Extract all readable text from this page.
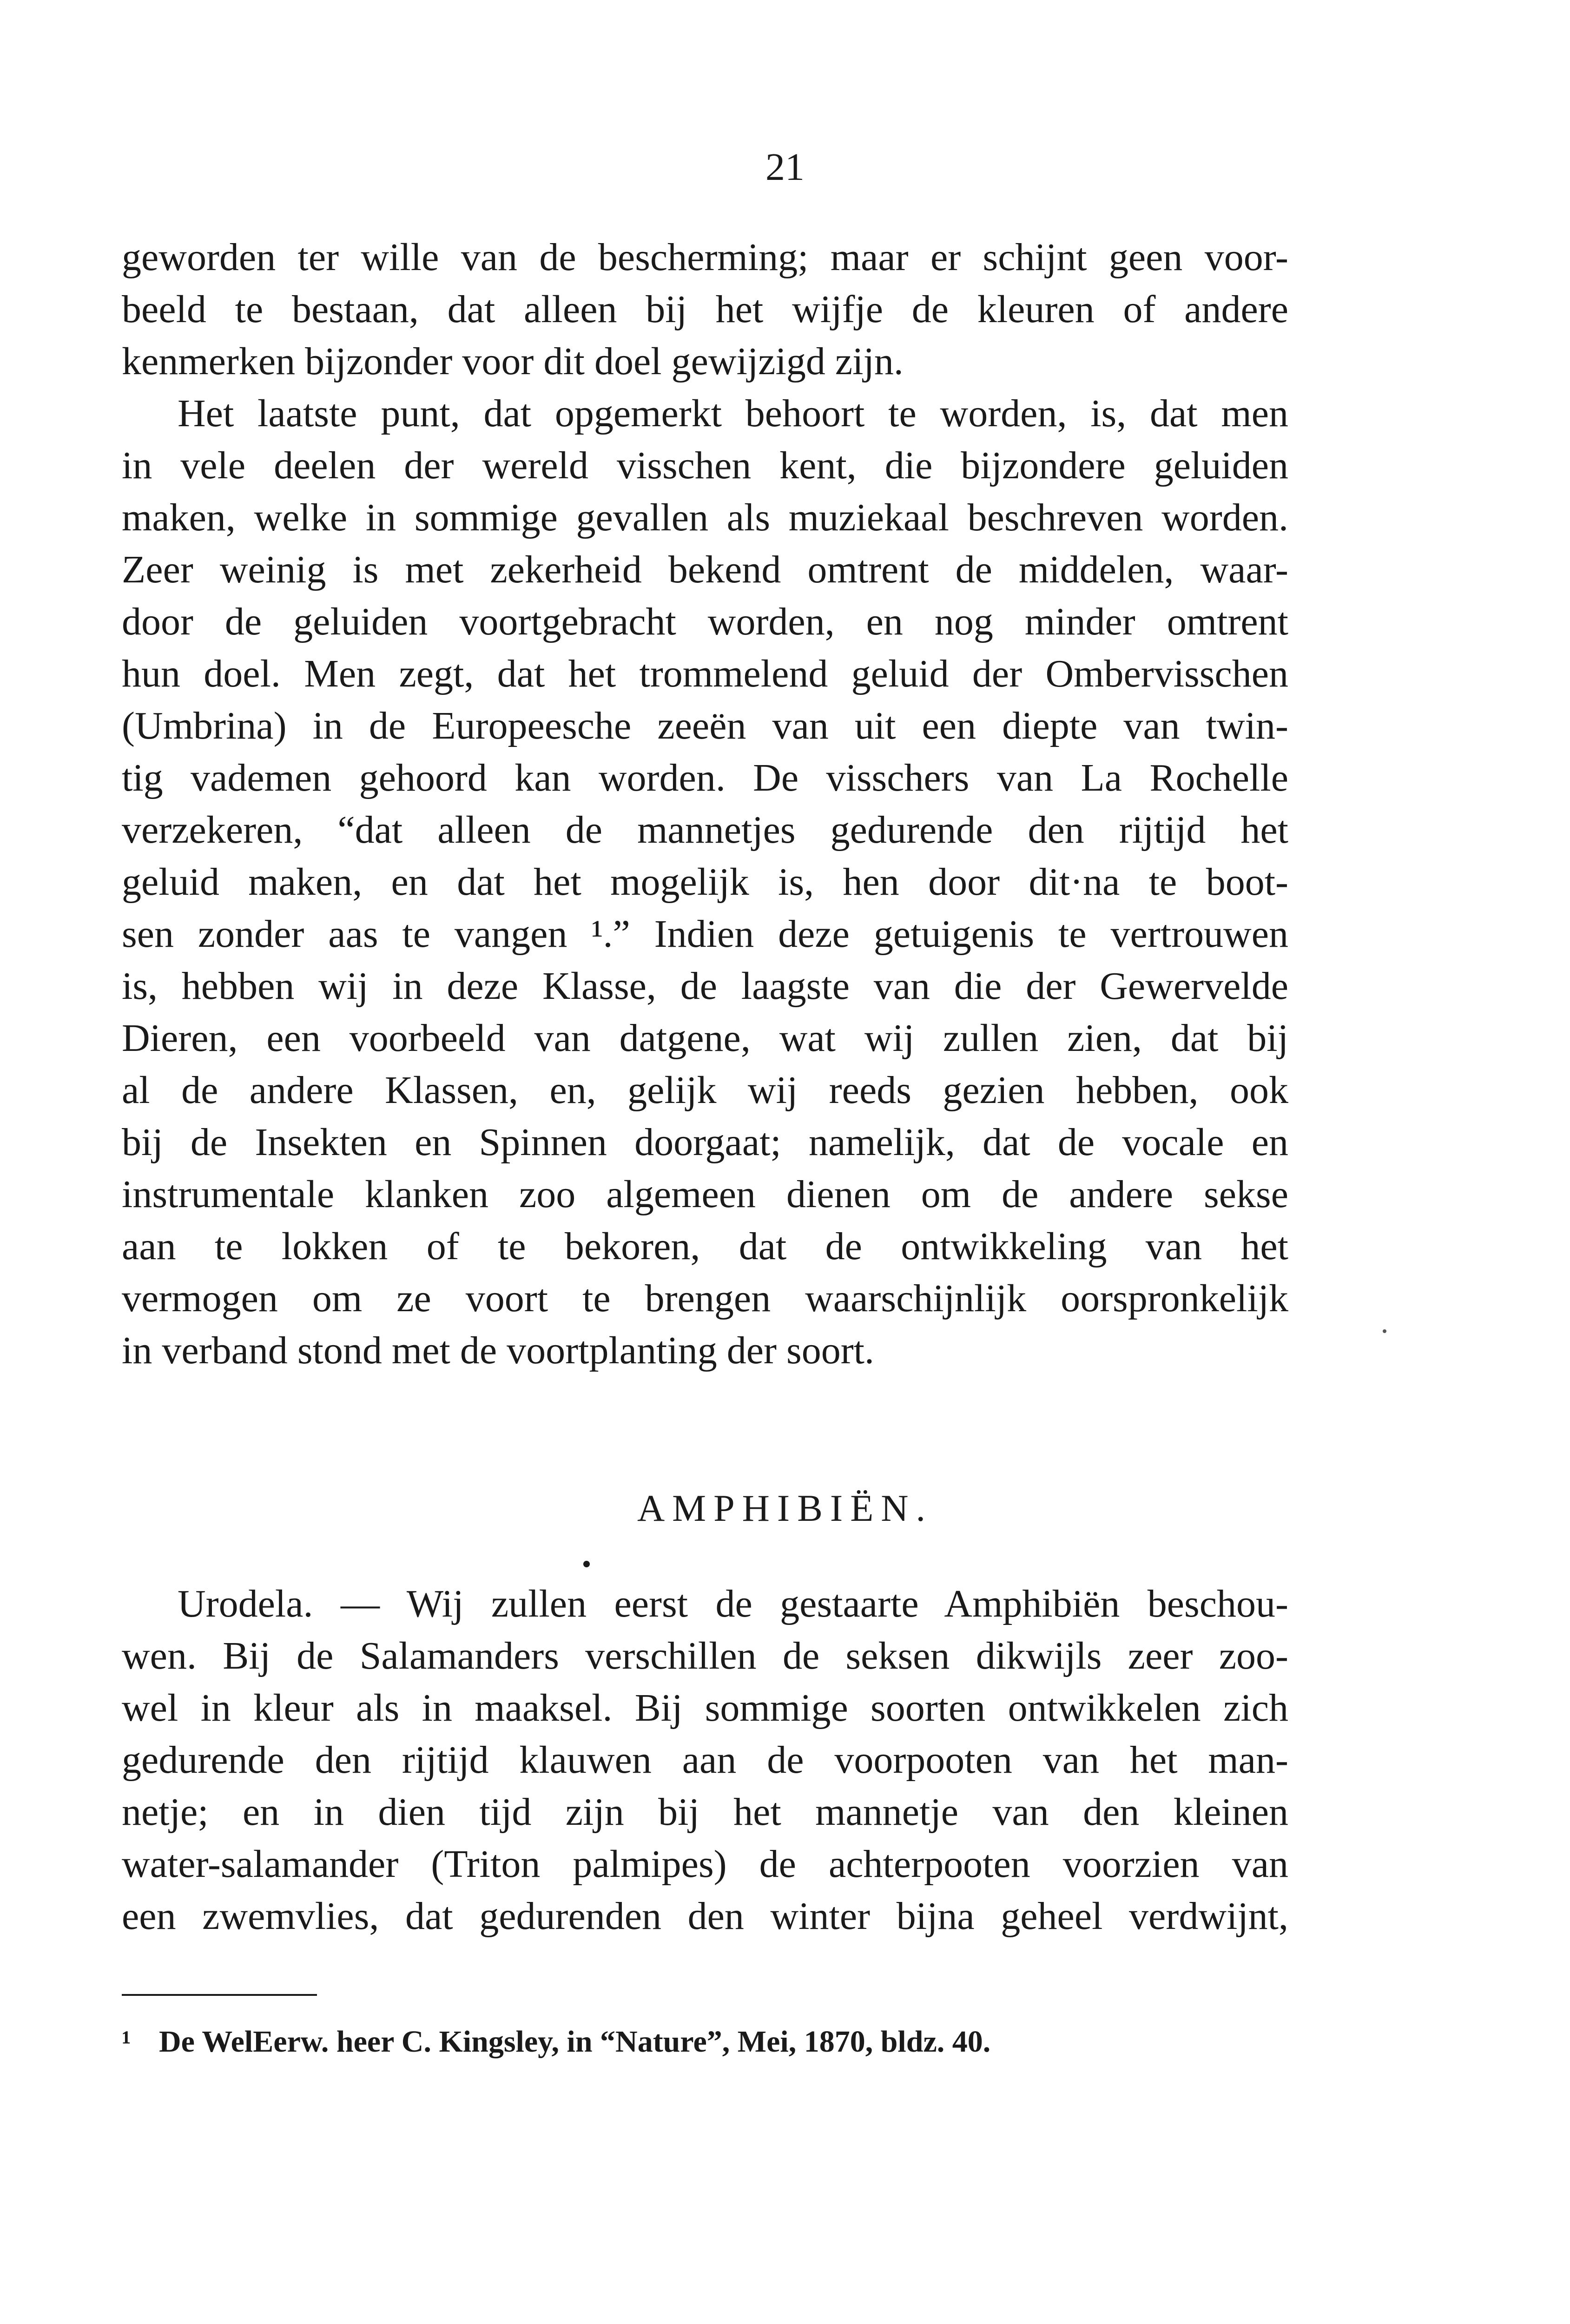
21
geworden ter wille van de bescherming; maar er schijnt geen voor-
beeld te bestaan, dat alleen bij het wijfje de kleuren of andere
kenmerken bijzonder voor dit doel gewijzigd zijn.
Het laatste punt, dat opgemerkt behoort te worden, is, dat men
in vele deelen der wereld visschen kent, die bijzondere geluiden
maken, welke in sommige gevallen als muziekaal beschreven worden.
Zeer weinig is met zekerheid bekend omtrent de middelen, waar-
door de geluiden voortgebracht worden, en nog minder omtrent
hun doel. Men zegt, dat het trommelend geluid der Ombervisschen
(Umbrina) in de Europeesche zeeën van uit een diepte van twin-
tig vademen gehoord kan worden. De visschers van La Rochelle
verzekeren, “dat alleen de mannetjes gedurende den rijtijd het
geluid maken, en dat het mogelijk is, hen door dit·na te boot-
sen zonder aas te vangen ¹.” Indien deze getuigenis te vertrouwen
is, hebben wij in deze Klasse, de laagste van die der Gewervelde
Dieren, een voorbeeld van datgene, wat wij zullen zien, dat bij
al de andere Klassen, en, gelijk wij reeds gezien hebben, ook
bij de Insekten en Spinnen doorgaat; namelijk, dat de vocale en
instrumentale klanken zoo algemeen dienen om de andere sekse
aan te lokken of te bekoren, dat de ontwikkeling van het
vermogen om ze voort te brengen waarschijnlijk oorspronkelijk
in verband stond met de voortplanting der soort.
AMPHIBIËN.
Urodela. — Wij zullen eerst de gestaarte Amphibiën beschou-
wen. Bij de Salamanders verschillen de seksen dikwijls zeer zoo-
wel in kleur als in maaksel. Bij sommige soorten ontwikkelen zich
gedurende den rijtijd klauwen aan de voorpooten van het man-
netje; en in dien tijd zijn bij het mannetje van den kleinen
water-salamander (Triton palmipes) de achterpooten voorzien van
een zwemvlies, dat gedurenden den winter bijna geheel verdwijnt,
¹ De WelEerw. heer C. Kingsley, in “Nature”, Mei, 1870, bldz. 40.
